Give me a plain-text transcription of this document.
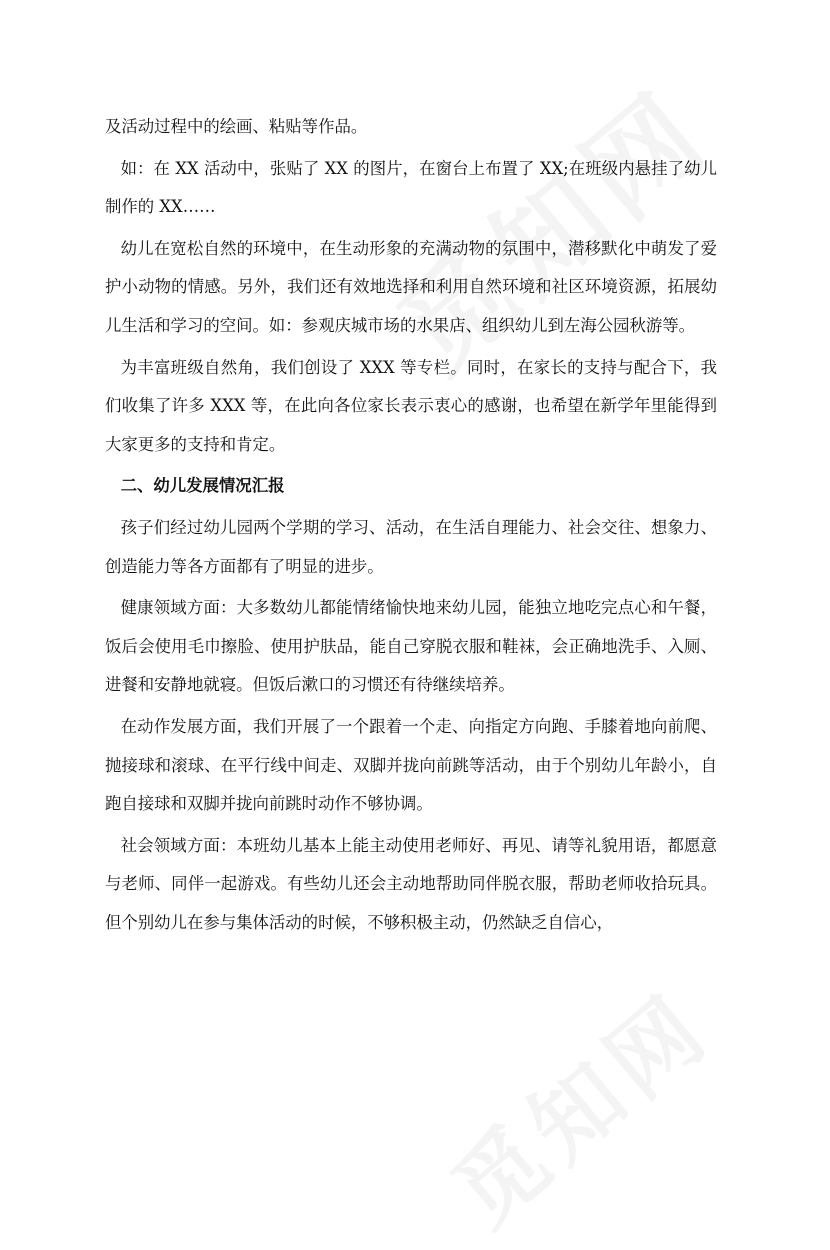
及活动过程中的绘画、粘贴等作品。

如：在 XX 活动中，张贴了 XX 的图片，在窗台上布置了 XX;在班级内悬挂了幼儿制作的 XX……

幼儿在宽松自然的环境中，在生动形象的充满动物的氛围中，潜移默化中萌发了爱护小动物的情感。另外，我们还有效地选择和利用自然环境和社区环境资源，拓展幼儿生活和学习的空间。如：参观庆城市场的水果店、组织幼儿到左海公园秋游等。

为丰富班级自然角，我们创设了 XXX 等专栏。同时，在家长的支持与配合下，我们收集了许多 XXX 等，在此向各位家长表示衷心的感谢，也希望在新学年里能得到大家更多的支持和肯定。

二、幼儿发展情况汇报

孩子们经过幼儿园两个学期的学习、活动，在生活自理能力、社会交往、想象力、创造能力等各方面都有了明显的进步。

健康领域方面：大多数幼儿都能情绪愉快地来幼儿园，能独立地吃完点心和午餐，饭后会使用毛巾擦脸、使用护肤品，能自己穿脱衣服和鞋袜，会正确地洗手、入厕、进餐和安静地就寝。但饭后漱口的习惯还有待继续培养。

在动作发展方面，我们开展了一个跟着一个走、向指定方向跑、手膝着地向前爬、抛接球和滚球、在平行线中间走、双脚并拢向前跳等活动，由于个别幼儿年龄小，自跑自接球和双脚并拢向前跳时动作不够协调。

社会领域方面：本班幼儿基本上能主动使用老师好、再见、请等礼貌用语，都愿意与老师、同伴一起游戏。有些幼儿还会主动地帮助同伴脱衣服，帮助老师收拾玩具。但个别幼儿在参与集体活动的时候，不够积极主动，仍然缺乏自信心，
